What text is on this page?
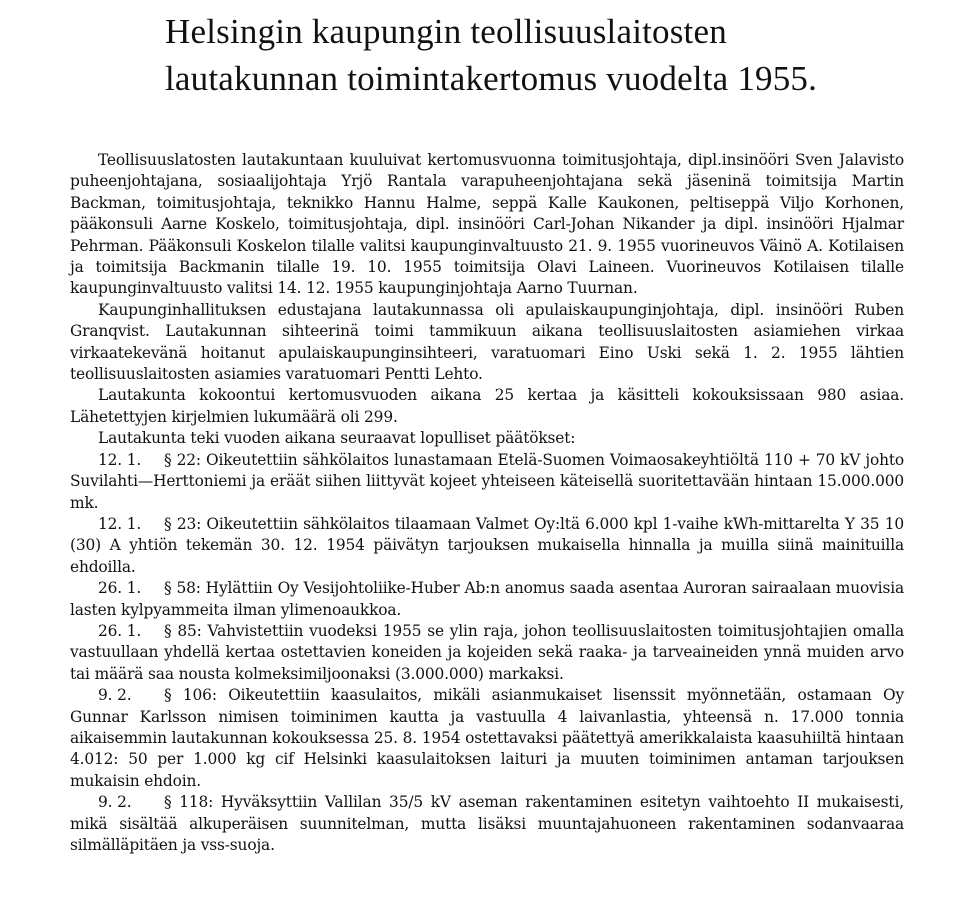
Helsingin kaupungin teollisuuslaitosten
lautakunnan toimintakertomus vuodelta 1955.

Teollisuuslatosten lautakuntaan kuuluivat kertomusvuonna toimitusjohtaja, dipl.insinööri Sven Jalavisto puheenjohtajana, sosiaalijohtaja Yrjö Rantala varapuheenjohtajana sekä jäseninä toimitsija Martin Backman, toimitusjohtaja, teknikko Hannu Halme, seppä Kalle Kaukonen, peltiseppä Viljo Korhonen, pääkonsuli Aarne Koskelo, toimitusjohtaja, dipl. insinööri Carl-Johan Nikander ja dipl. insinööri Hjalmar Pehrman. Pääkonsuli Koskelon tilalle valitsi kaupunginvaltuusto 21. 9. 1955 vuorineuvos Väinö A. Kotilaisen ja toimitsija Backmanin tilalle 19. 10. 1955 toimitsija Olavi Laineen. Vuorineuvos Kotilaisen tilalle kaupunginvaltuusto valitsi 14. 12. 1955 kaupunginjohtaja Aarno Tuurnan.

Kaupunginhallituksen edustajana lautakunnassa oli apulaiskaupunginjohtaja, dipl. insinööri Ruben Granqvist. Lautakunnan sihteerinä toimi tammikuun aikana teollisuuslaitosten asiamiehen virkaa virkaatekevänä hoitanut apulaiskaupunginsihteeri, varatuomari Eino Uski sekä 1. 2. 1955 lähtien teollisuuslaitosten asiamies varatuomari Pentti Lehto.

Lautakunta kokoontui kertomusvuoden aikana 25 kertaa ja käsitteli kokouksissaan 980 asiaa. Lähetettyjen kirjelmien lukumäärä oli 299.

Lautakunta teki vuoden aikana seuraavat lopulliset päätökset:

12. 1. § 22: Oikeutettiin sähkölaitos lunastamaan Etelä-Suomen Voimaosakeyhtiöltä 110 + 70 kV johto Suvilahti—Herttoniemi ja eräät siihen liittyvät kojeet yhteiseen käteisellä suoritettavään hintaan 15.000.000 mk.

12. 1. § 23: Oikeutettiin sähkölaitos tilaamaan Valmet Oy:ltä 6.000 kpl 1-vaihe kWh-mittarelta Y 35 10 (30) A yhtiön tekemän 30. 12. 1954 päivätyn tarjouksen mukaisella hinnalla ja muilla siinä mainituilla ehdoilla.

26. 1. § 58: Hylättiin Oy Vesijohtoliike-Huber Ab:n anomus saada asentaa Auroran sairaalaan muovisia lasten kylpyammeita ilman ylimenoaukkoa.

26. 1. § 85: Vahvistettiin vuodeksi 1955 se ylin raja, johon teollisuuslaitosten toimitusjohtajien omalla vastuullaan yhdellä kertaa ostettavien koneiden ja kojeiden sekä raaka- ja tarveaineiden ynnä muiden arvo tai määrä saa nousta kolmeksimiljoonaksi (3.000.000) markaksi.

9. 2. § 106: Oikeutettiin kaasulaitos, mikäli asianmukaiset lisenssit myönnetään, ostamaan Oy Gunnar Karlsson nimisen toiminimen kautta ja vastuulla 4 laivanlastia, yhteensä n. 17.000 tonnia aikaisemmin lautakunnan kokouksessa 25. 8. 1954 ostettavaksi päätettyä amerikkalaista kaasuhiiltä hintaan 4.012: 50 per 1.000 kg cif Helsinki kaasulaitoksen laituri ja muuten toiminimen antaman tarjouksen mukaisin ehdoin.

9. 2. § 118: Hyväksyttiin Vallilan 35/5 kV aseman rakentaminen esitetyn vaihtoehto II mukaisesti, mikä sisältää alkuperäisen suunnitelman, mutta lisäksi muuntajahuoneen rakentaminen sodanvaaraa silmälläpitäen ja vss-suoja.
